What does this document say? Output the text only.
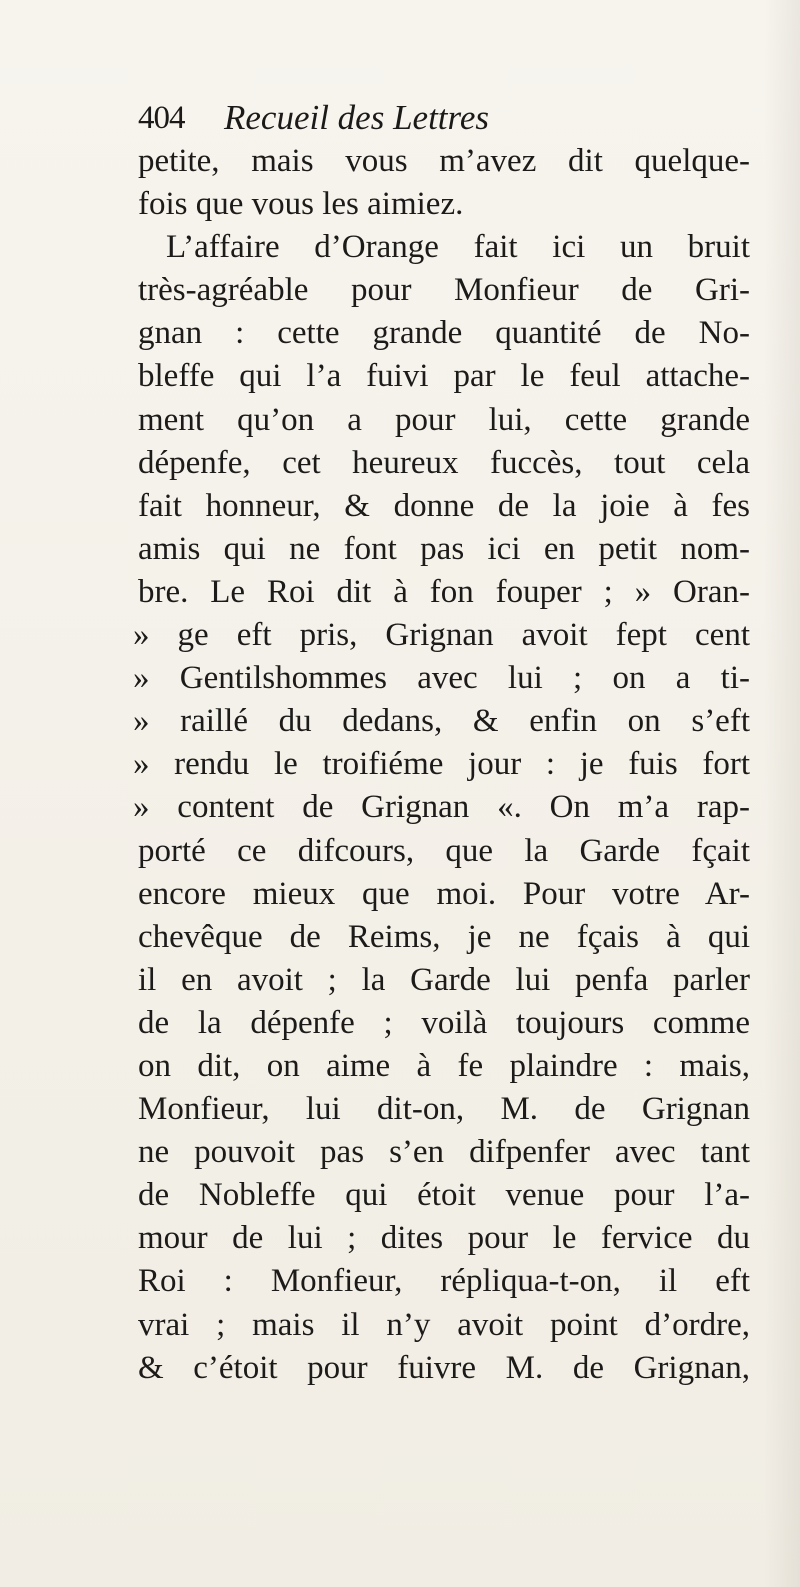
404 Recueil des Lettres
petite, mais vous m’avez dit quelque-
fois que vous les aimiez.
L’affaire d’Orange fait ici un bruit
très-agréable pour Monfieur de Gri-
gnan : cette grande quantité de No-
bleffe qui l’a fuivi par le feul attache-
ment qu’on a pour lui, cette grande
dépenfe, cet heureux fuccès, tout cela
fait honneur, & donne de la joie à fes
amis qui ne font pas ici en petit nom-
bre. Le Roi dit à fon fouper ; » Oran-
» ge eft pris, Grignan avoit fept cent
» Gentilshommes avec lui ; on a ti-
» raillé du dedans, & enfin on s’eft
» rendu le troifiéme jour : je fuis fort
» content de Grignan «. On m’a rap-
porté ce difcours, que la Garde fçait
encore mieux que moi. Pour votre Ar-
chevêque de Reims, je ne fçais à qui
il en avoit ; la Garde lui penfa parler
de la dépenfe ; voilà toujours comme
on dit, on aime à fe plaindre : mais,
Monfieur, lui dit-on, M. de Grignan
ne pouvoit pas s’en difpenfer avec tant
de Nobleffe qui étoit venue pour l’a-
mour de lui ; dites pour le fervice du
Roi : Monfieur, répliqua-t-on, il eft
vrai ; mais il n’y avoit point d’ordre,
& c’étoit pour fuivre M. de Grignan,
